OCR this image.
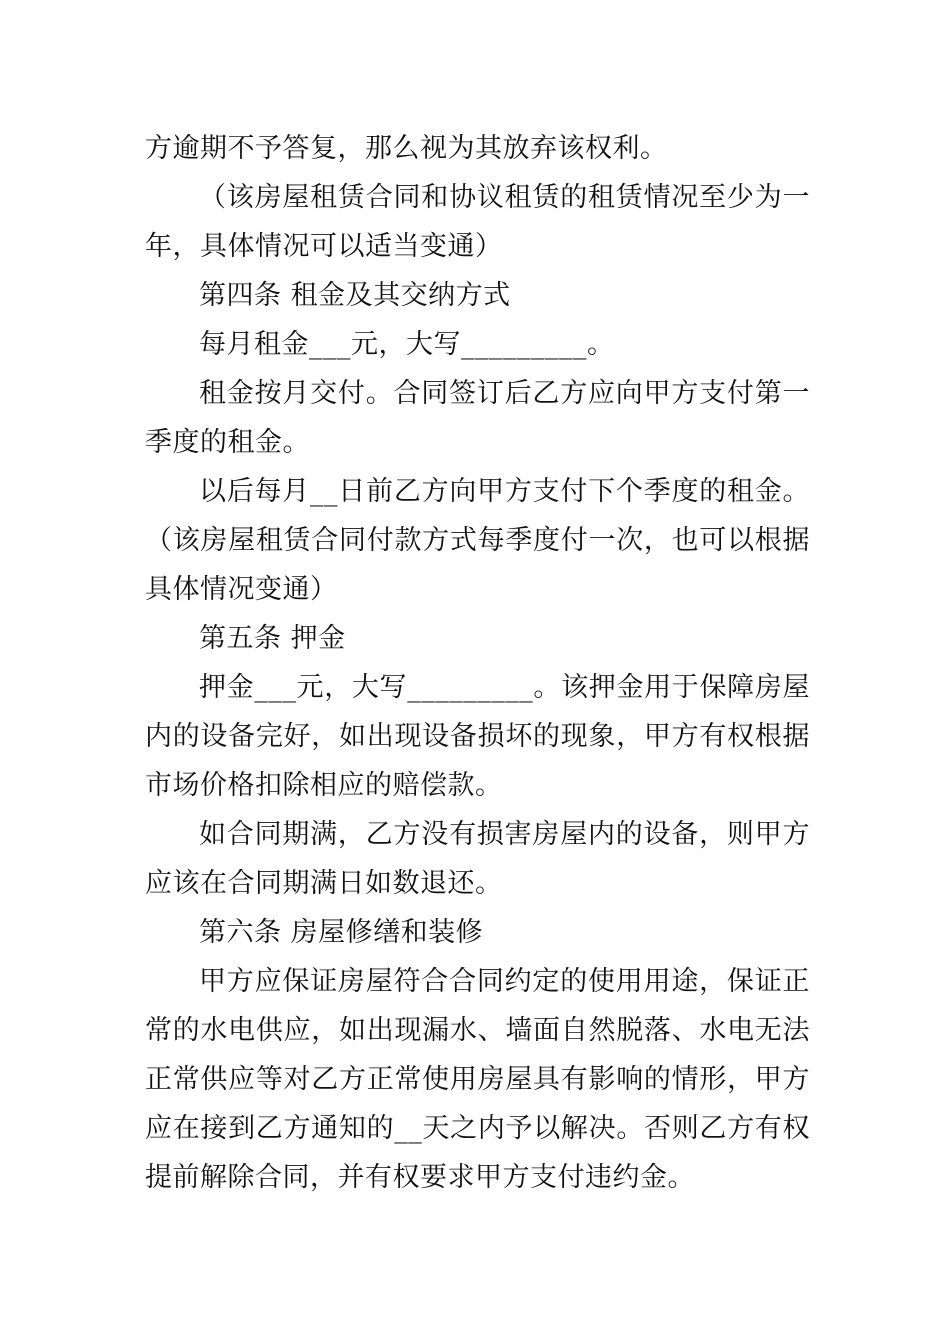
方逾期不予答复，那么视为其放弃该权利。

（该房屋租赁合同和协议租赁的租赁情况至少为一年，具体情况可以适当变通）

第四条 租金及其交纳方式

每月租金___元，大写_________。

租金按月交付。合同签订后乙方应向甲方支付第一季度的租金。

以后每月__日前乙方向甲方支付下个季度的租金。（该房屋租赁合同付款方式每季度付一次，也可以根据具体情况变通）

第五条 押金

押金___元，大写_________。该押金用于保障房屋内的设备完好，如出现设备损坏的现象，甲方有权根据市场价格扣除相应的赔偿款。

如合同期满，乙方没有损害房屋内的设备，则甲方应该在合同期满日如数退还。

第六条 房屋修缮和装修

甲方应保证房屋符合合同约定的使用用途，保证正常的水电供应，如出现漏水、墙面自然脱落、水电无法正常供应等对乙方正常使用房屋具有影响的情形，甲方应在接到乙方通知的__天之内予以解决。否则乙方有权提前解除合同，并有权要求甲方支付违约金。
